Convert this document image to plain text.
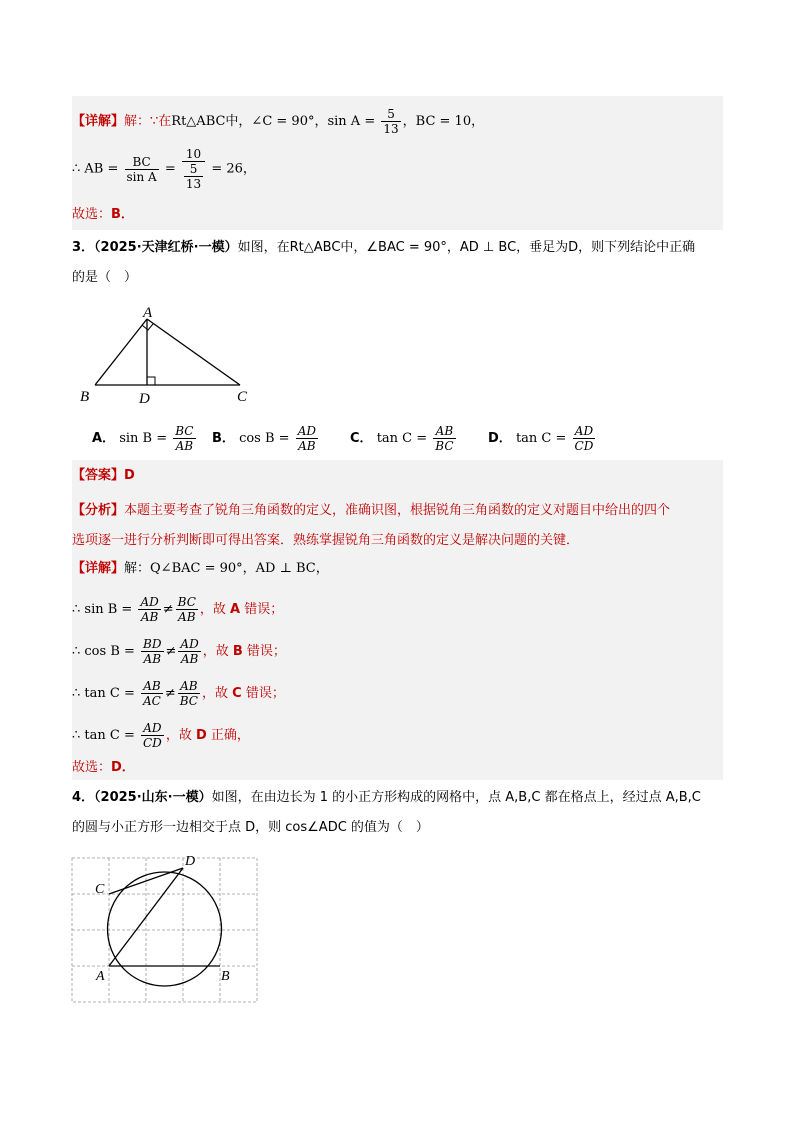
【详解】解：∵在Rt△ABC中，∠C = 90°，$\sin A = \frac{5}{13}$ ，BC = 10，
∴ AB = $\frac{BC}{\text{sin A}} = \frac{10}{\frac{5}{13}} = 26$，
故选：B．
3．（2025·天津红桥·一模）如图，在Rt△ABC中，∠BAC = 90°，AD ⊥ BC，垂足为D，则下列结论中正确
的是（　）
A
B	D	C
A． $\sin B = \frac{BC}{AB}$ B． $\cos B = \frac{AD}{AB}$ C． $\tan C = \frac{AB}{BC}$ D． $\tan C = \frac{AD}{CD}$
【答案】D
【分析】本题主要考查了锐角三角函数的定义，准确识图，根据锐角三角函数的定义对题目中给出的四个
选项逐一进行分析判断即可得出答案．熟练掌握锐角三角函数的定义是解决问题的关键．
【详解】解：Q∠BAC = 90°，AD ⊥ BC，
∴ $\sin B = \frac{AD}{AB} \ne \frac{BC}{AB}$ ，故 A 错误；
∴ $\cos B = \frac{BD}{AB} \ne \frac{AD}{AB}$ ，故 B 错误；
∴ $\tan C = \frac{AB}{AC} \ne \frac{AB}{BC}$ ，故 C 错误；
∴ $\tan C = \frac{AD}{CD}$ ，故 D 正确，
故选：D．
4．（2025·山东·一模）如图，在由边长为 1 的小正方形构成的网格中，点 A,B,C 都在格点上，经过点 A,B,C
的圆与小正方形一边相交于点 D，则 cos∠ADC 的值为（　）
D
C
A	B
